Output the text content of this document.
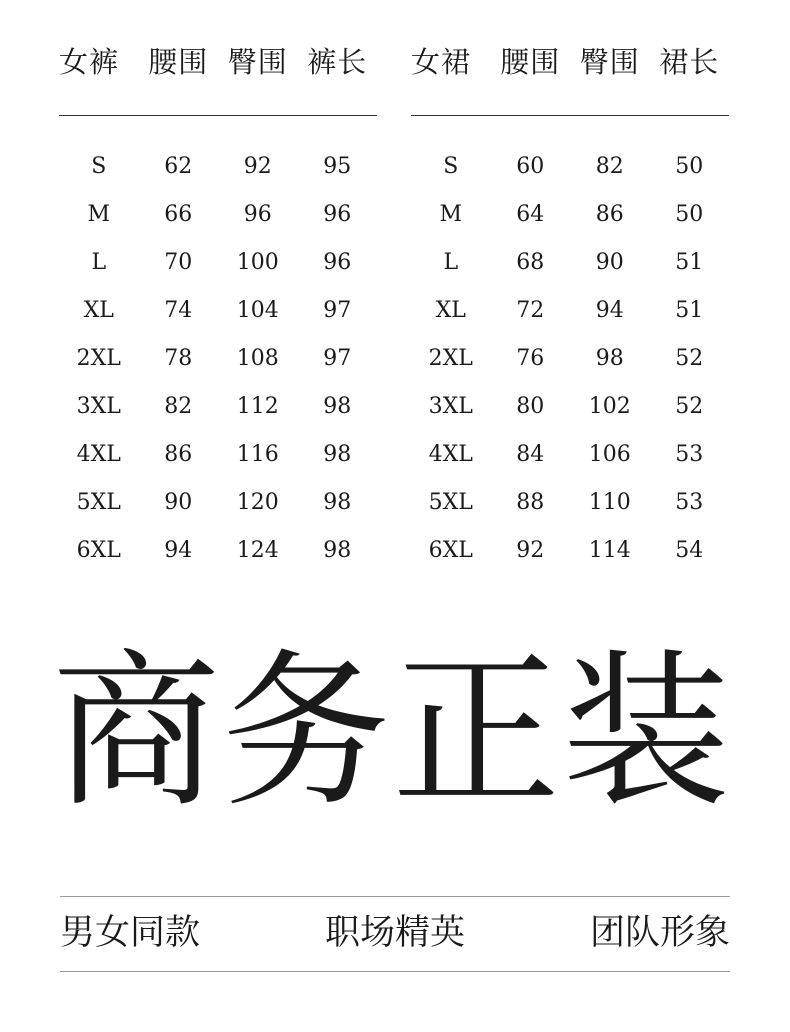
女裤	腰围 臀围 裤长
S	62	92	95
M	66	96	96
L	70	100	96
XL	74	104	97
2XL	78	108	97
3XL	82	112	98
4XL	86	116	98
5XL	90	120	98
6XL	94	124	98
女裙	腰围 臀围 裙长
S	60	82	50
M	64	86	50
L	68	90	51
XL	72	94	51
2XL	76	98	52
3XL	80	102	52
4XL	84	106	53
5XL	88	110	53
6XL	92	114	54
商务正装
男女同款	职场精英	团队形象
